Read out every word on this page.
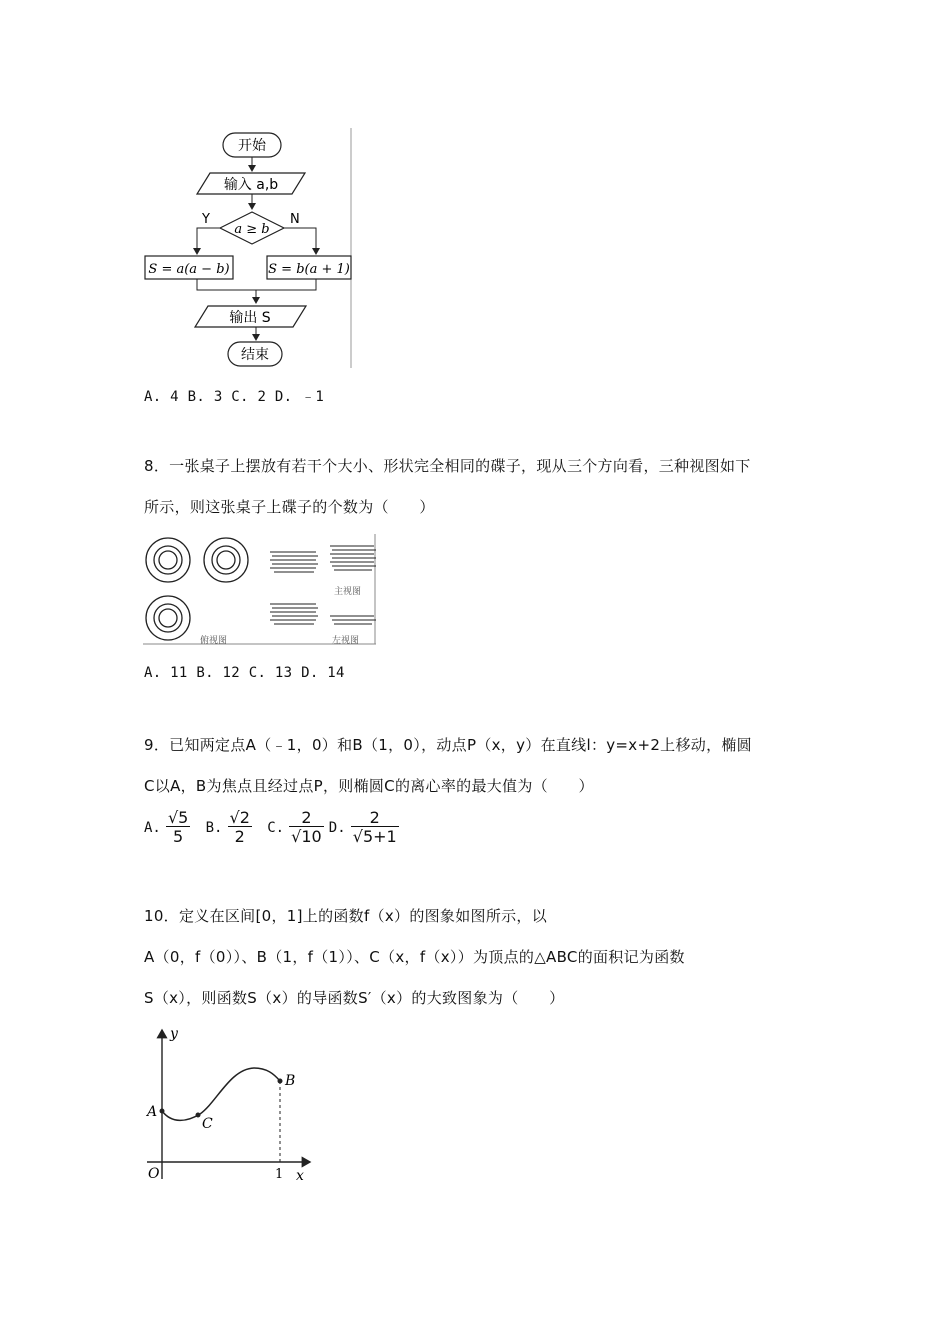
开始
输入 a,b
a ≥ b
Y	N
S = a(a − b)	S = b(a + 1)
输出 S
结束
A. 4 B. 3 C. 2 D. ﹣1
8．一张桌子上摆放有若干个大小、形状完全相同的碟子，现从三个方向看，三种视图如下
所示，则这张桌子上碟子的个数为（　　）
俯视图
主视图
左视图
A. 11 B. 12 C. 13 D. 14
9．已知两定点A（﹣1，0）和B（1，0），动点P（x，y）在直线l：y=x+2上移动，椭圆
C以A，B为焦点且经过点P，则椭圆C的离心率的最大值为（　　）
A. $\frac{√5}{5} B$. $\frac{√2}{2} C$. $\frac{2}{√10} D$. $\frac{2}{√5+1}$
10．定义在区间[0，1]上的函数f（x）的图象如图所示，以
A（0，f（0））、B（1，f（1））、C（x，f（x））为顶点的△ABC的面积记为函数
S（x），则函数S（x）的导函数S′（x）的大致图象为（　　）
y
x
O	1
A
C
B
